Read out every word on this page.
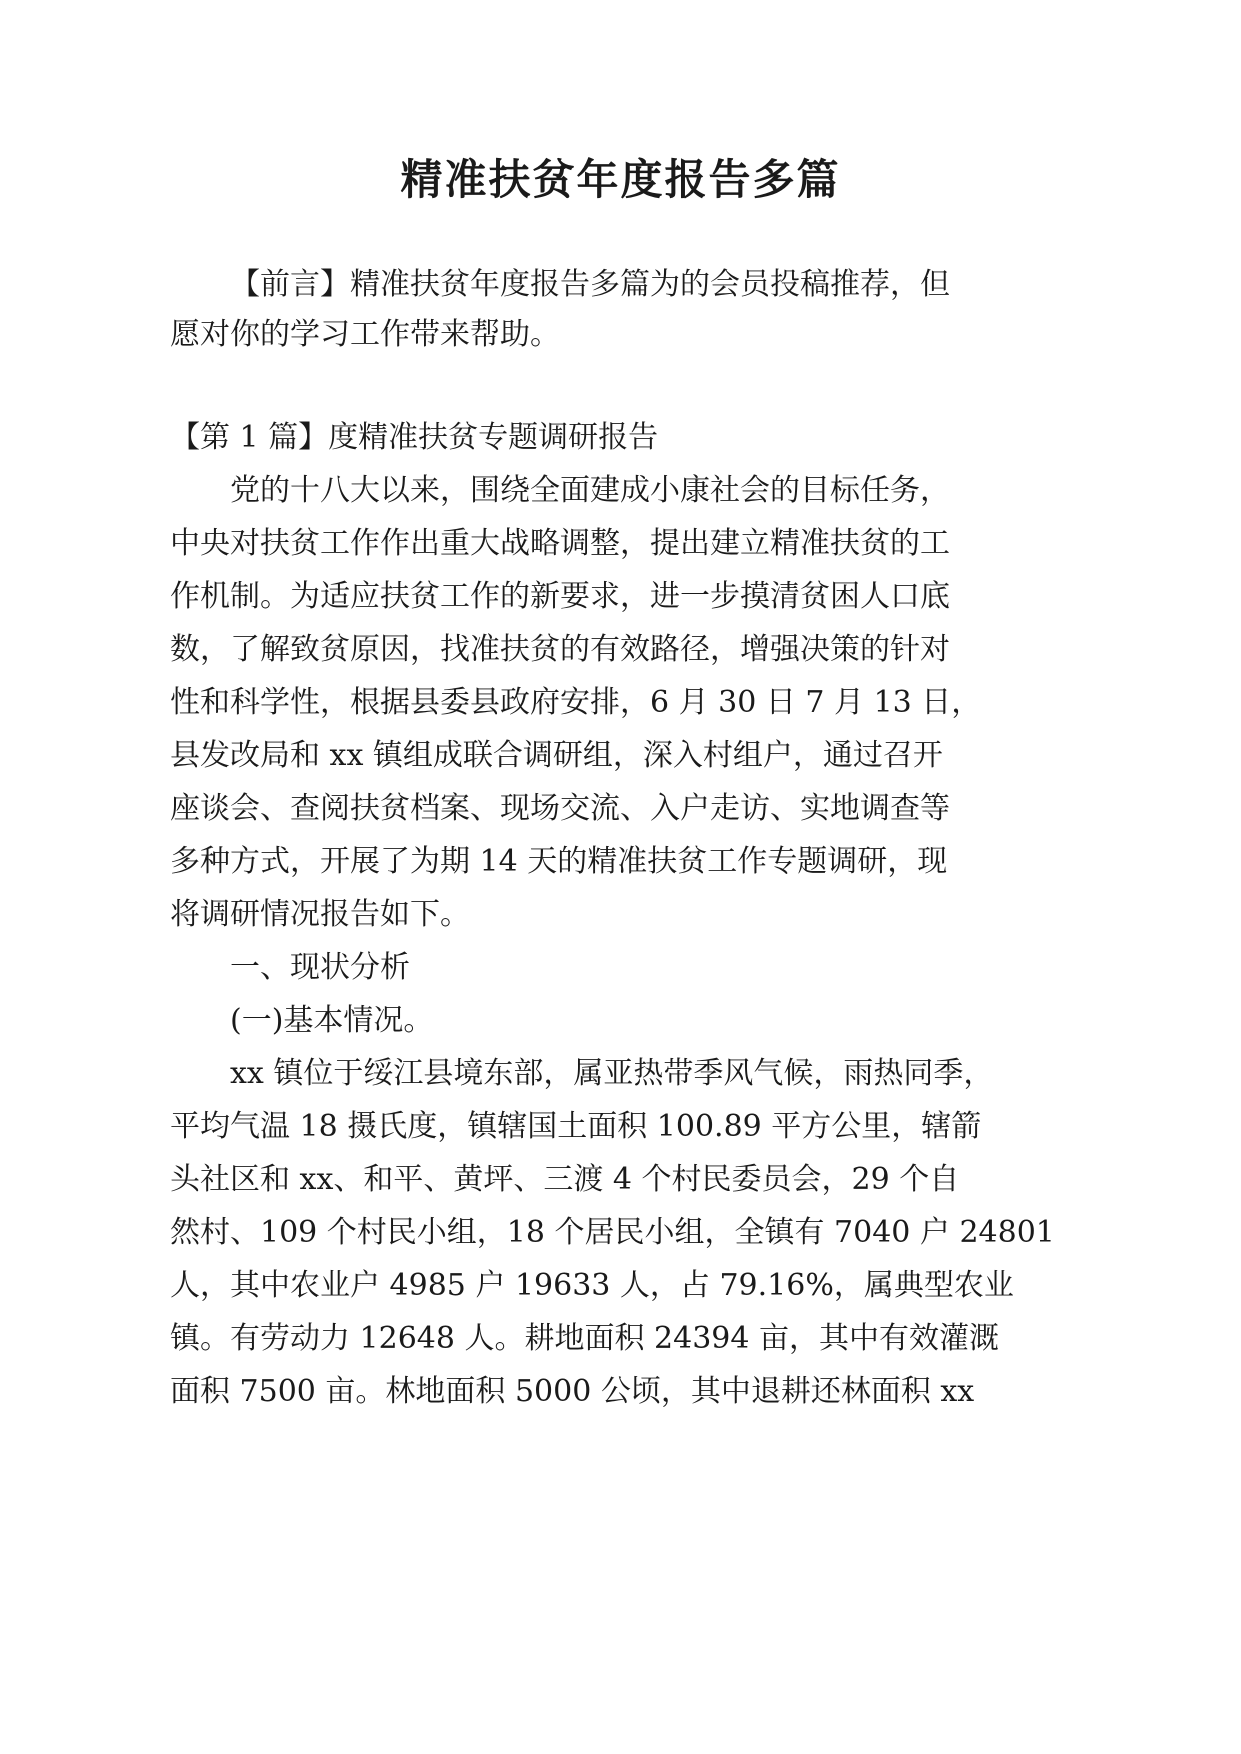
精准扶贫年度报告多篇

【前言】精准扶贫年度报告多篇为的会员投稿推荐，但

愿对你的学习工作带来帮助。

【第 1 篇】度精准扶贫专题调研报告

党的十八大以来，围绕全面建成小康社会的目标任务，

中央对扶贫工作作出重大战略调整，提出建立精准扶贫的工

作机制。为适应扶贫工作的新要求，进一步摸清贫困人口底

数，了解致贫原因，找准扶贫的有效路径，增强决策的针对

性和科学性，根据县委县政府安排，6 月 30 日 7 月 13 日，

县发改局和 xx 镇组成联合调研组，深入村组户，通过召开

座谈会、查阅扶贫档案、现场交流、入户走访、实地调查等

多种方式，开展了为期 14 天的精准扶贫工作专题调研，现

将调研情况报告如下。

一、现状分析

(一)基本情况。

xx 镇位于绥江县境东部，属亚热带季风气候，雨热同季，

平均气温 18 摄氏度，镇辖国土面积 100.89 平方公里，辖箭

头社区和 xx、和平、黄坪、三渡 4 个村民委员会，29 个自

然村、109 个村民小组，18 个居民小组，全镇有 7040 户 24801

人，其中农业户 4985 户 19633 人，占 79.16%，属典型农业

镇。有劳动力 12648 人。耕地面积 24394 亩，其中有效灌溉

面积 7500 亩。林地面积 5000 公顷，其中退耕还林面积 xx
